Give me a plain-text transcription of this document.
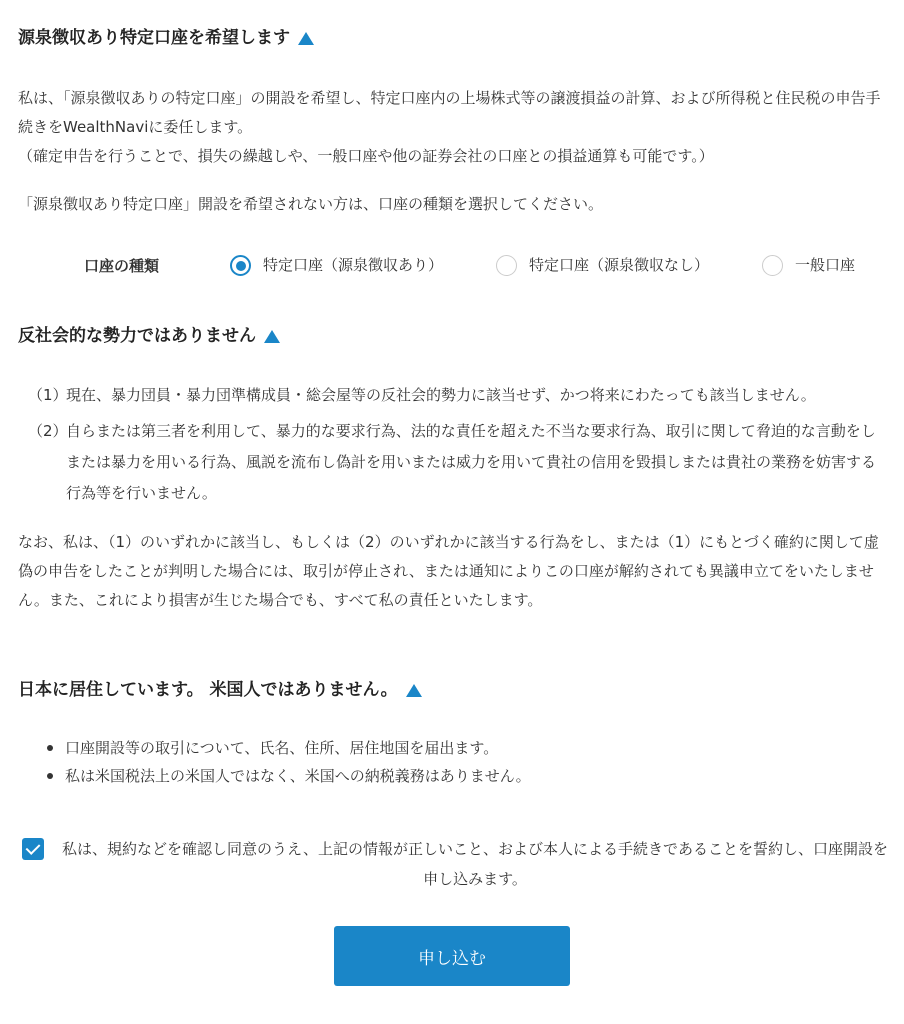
源泉徴収あり特定口座を希望します
私は、「源泉徴収ありの特定口座」の開設を希望し、特定口座内の上場株式等の譲渡損益の計算、および所得税と住民税の申告手続きをWealthNaviに委任します。
（確定申告を行うことで、損失の繰越しや、一般口座や他の証券会社の口座との損益通算も可能です。）
「源泉徴収あり特定口座」開設を希望されない方は、口座の種類を選択してください。
口座の種類	特定口座（源泉徴収あり）	特定口座（源泉徴収なし）	一般口座
反社会的な勢力ではありません
（1）
現在、暴力団員・暴力団準構成員・総会屋等の反社会的勢力に該当せず、かつ将来にわたっても該当しません。
（2）
自らまたは第三者を利用して、暴力的な要求行為、法的な責任を超えた不当な要求行為、取引に関して脅迫的な言動をしまたは暴力を用いる行為、風説を流布し偽計を用いまたは威力を用いて貴社の信用を毀損しまたは貴社の業務を妨害する行為等を行いません。
なお、私は、（1）のいずれかに該当し、もしくは（2）のいずれかに該当する行為をし、または（1）にもとづく確約に関して虚偽の申告をしたことが判明した場合には、取引が停止され、または通知によりこの口座が解約されても異議申立てをいたしません。また、これにより損害が生じた場合でも、すべて私の責任といたします。
日本に居住しています。 米国人ではありません。
口座開設等の取引について、氏名、住所、居住地国を届出ます。
私は米国税法上の米国人ではなく、米国への納税義務はありません。
私は、規約などを確認し同意のうえ、上記の情報が正しいこと、および本人による手続きであることを誓約し、口座開設を申し込みます。
申し込む
